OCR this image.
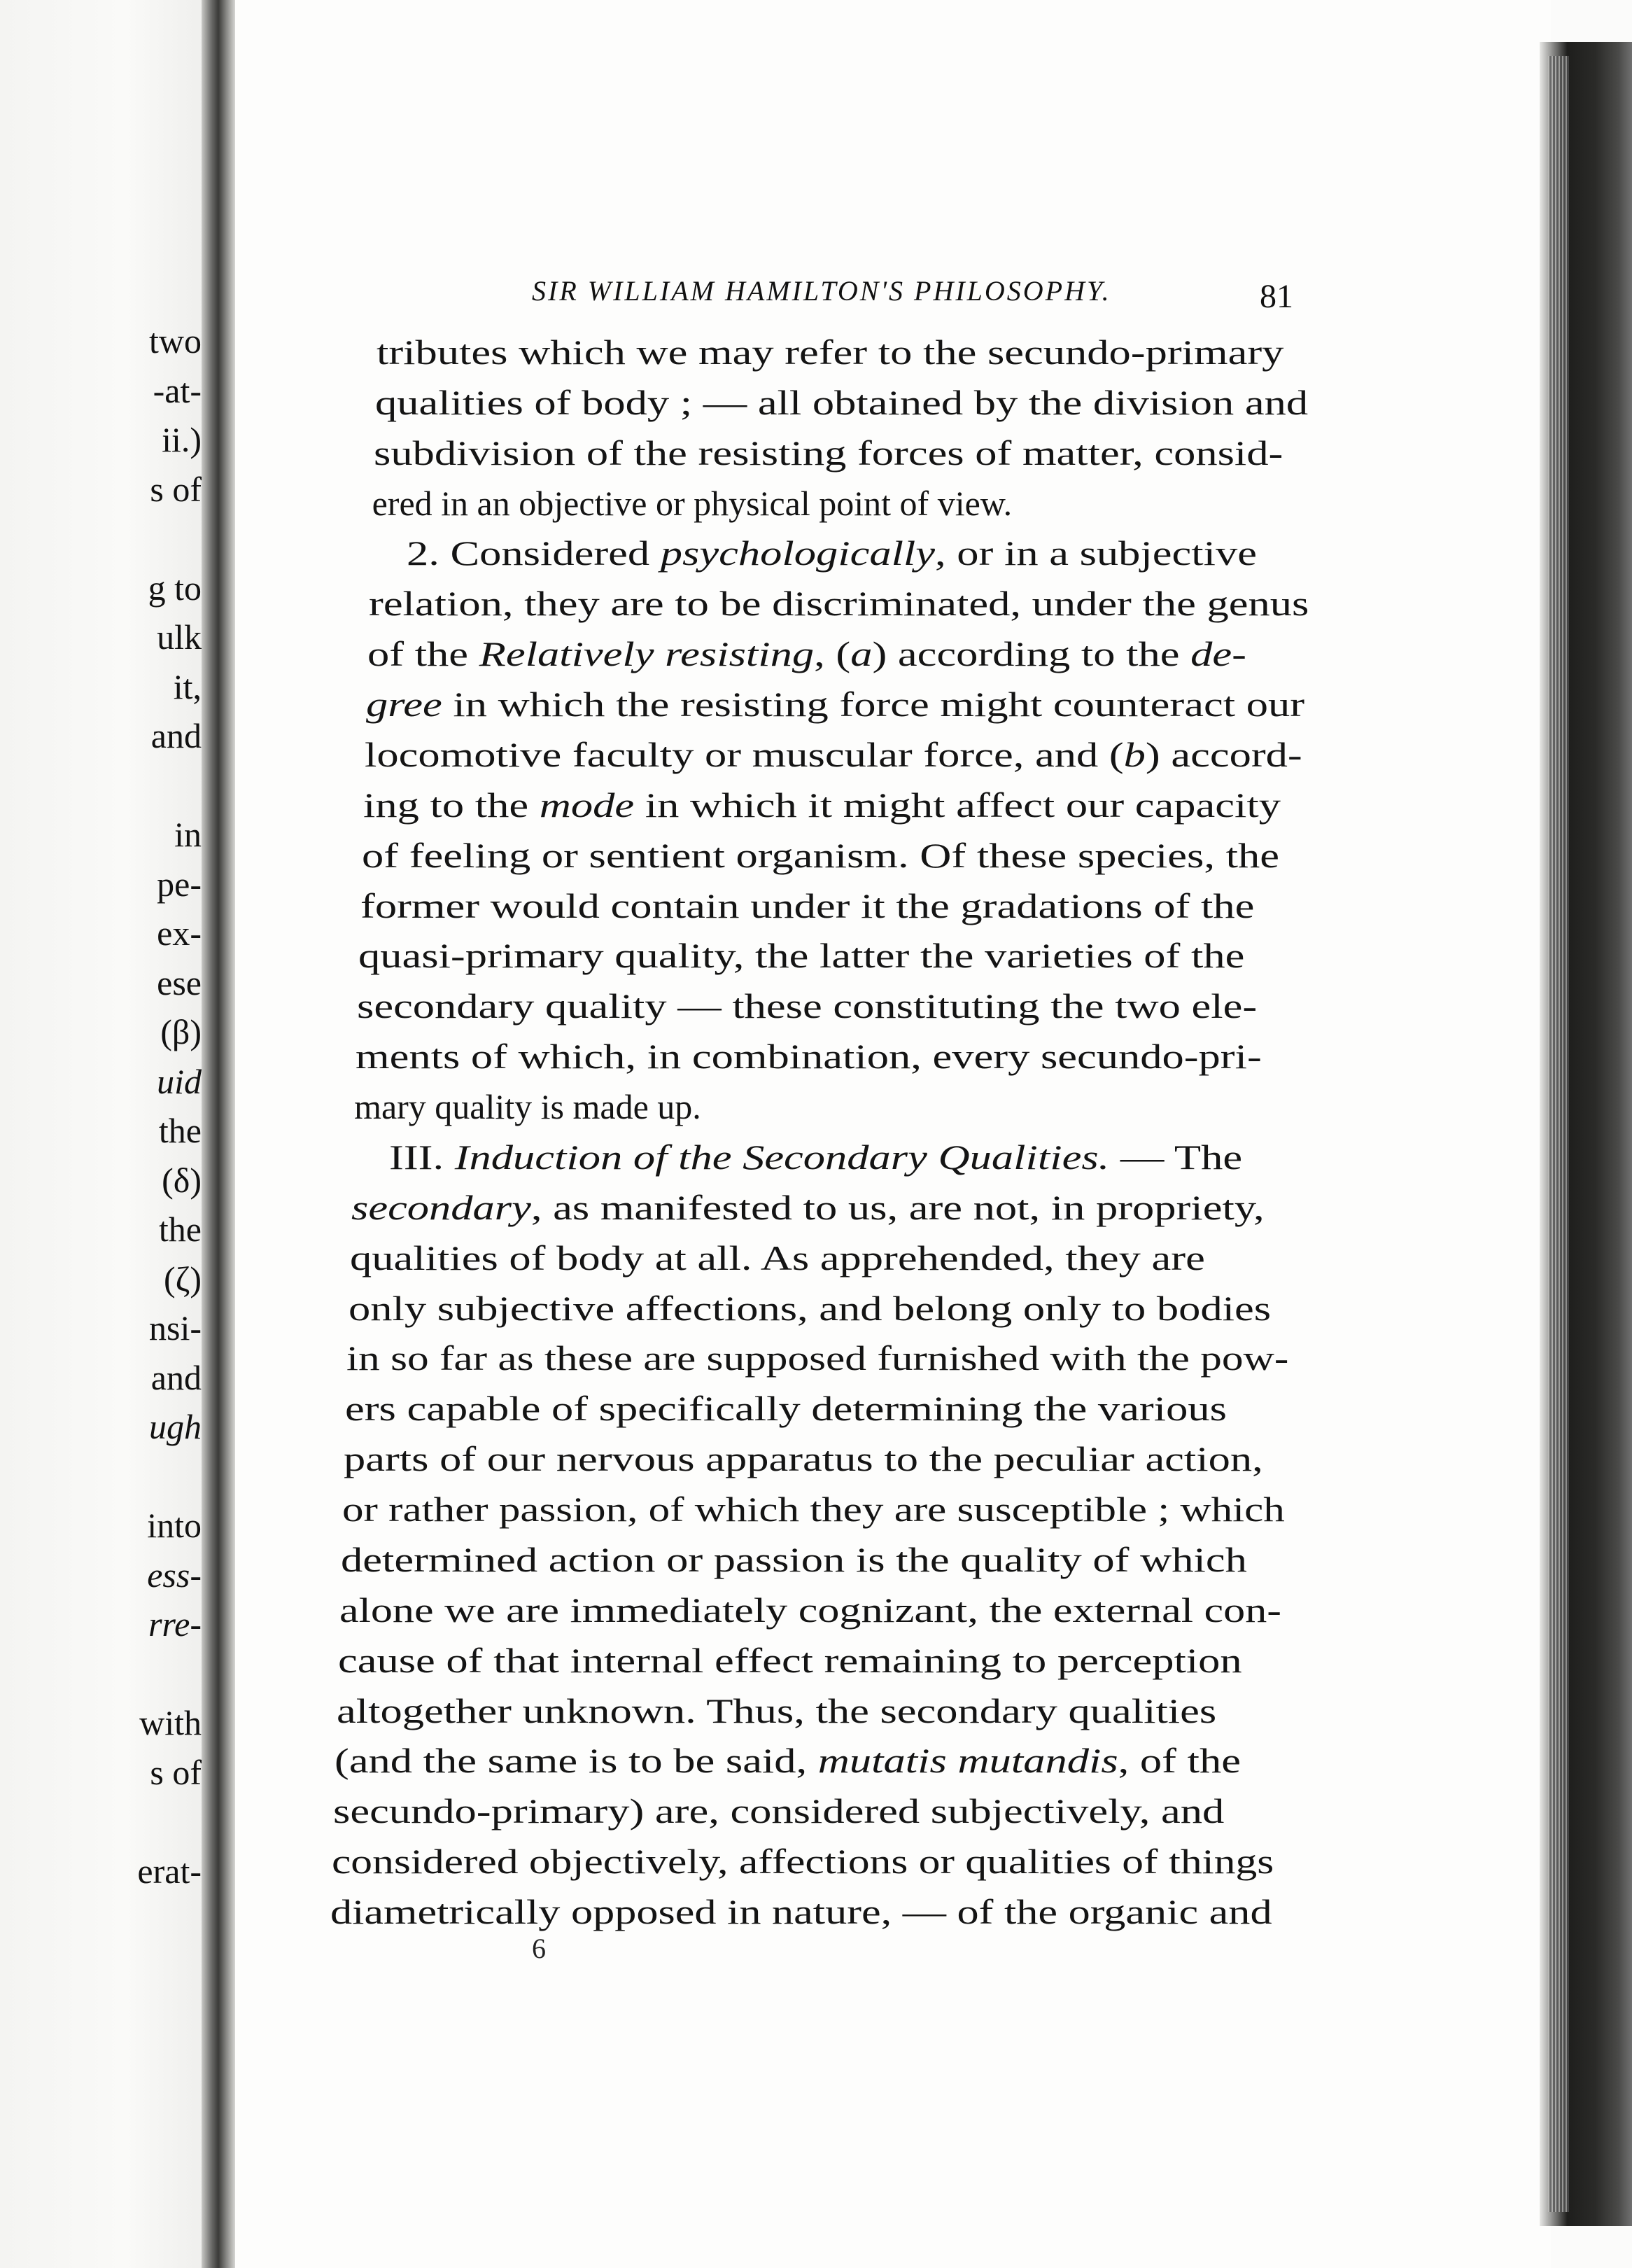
two
-at-
ii.)
s of
g to
ulk
it,
and
in
pe-
ex-
ese
(β)
uid
the
(δ)
the
(ζ)
nsi-
and
ugh
into
ess-
rre-
with
s of
erat-
SIR WILLIAM HAMILTON'S PHILOSOPHY.	81
tributes which we may refer to the secundo-primary
qualities of body ; — all obtained by the division and
subdivision of the resisting forces of matter, consid-
ered in an objective or physical point of view.
2. Considered psychologically, or in a subjective
relation, they are to be discriminated, under the genus
of the Relatively resisting, (a) according to the de-
gree in which the resisting force might counteract our
locomotive faculty or muscular force, and (b) accord-
ing to the mode in which it might affect our capacity
of feeling or sentient organism. Of these species, the
former would contain under it the gradations of the
quasi-primary quality, the latter the varieties of the
secondary quality — these constituting the two ele-
ments of which, in combination, every secundo-pri-
mary quality is made up.
III. Induction of the Secondary Qualities. — The
secondary, as manifested to us, are not, in propriety,
qualities of body at all. As apprehended, they are
only subjective affections, and belong only to bodies
in so far as these are supposed furnished with the pow-
ers capable of specifically determining the various
parts of our nervous apparatus to the peculiar action,
or rather passion, of which they are susceptible ; which
determined action or passion is the quality of which
alone we are immediately cognizant, the external con-
cause of that internal effect remaining to perception
altogether unknown. Thus, the secondary qualities
(and the same is to be said, mutatis mutandis, of the
secundo-primary) are, considered subjectively, and
considered objectively, affections or qualities of things
diametrically opposed in nature, — of the organic and
6
